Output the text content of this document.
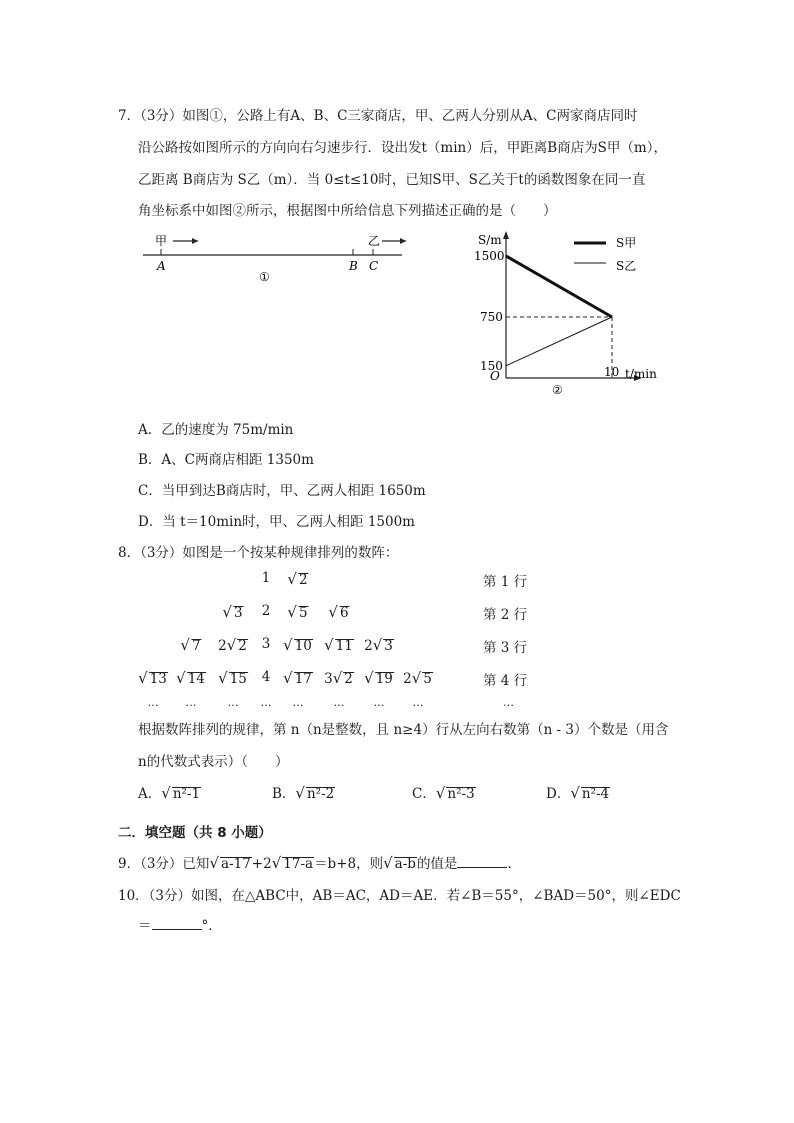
7．（3分）如图①，公路上有A、B、C三家商店，甲、乙两人分别从A、C两家商店同时
沿公路按如图所示的方向向右匀速步行．设出发t（min）后，甲距离B商店为S甲（m），
乙距离 B商店为 S乙（m）．当 0≤t≤10时，已知S甲、S乙关于t的函数图象在同一直
角坐标系中如图②所示，根据图中所给信息下列描述正确的是（　　）
甲	乙
A	B C
①
S/m
t/min
O
1500
750
150	10
S甲
S乙
②
A．乙的速度为 75m/min
B．A、C两商店相距 1350m
C．当甲到达B商店时，甲、乙两人相距 1650m
D．当 t＝10min时，甲、乙两人相距 1500m
8．（3分）如图是一个按某种规律排列的数阵：
1 √ 2	第 1 行
√ 3 2 √ 5 √ 6	第 2 行
√ 7 2√ 2 3 √ 10 √ 11 2√ 3	第 3 行
√ 13 √ 14 √ 15 4 √ 17 3√ 2 √ 19 2√ 5	第 4 行
… …	… … …	…	…	…	…
根据数阵排列的规律，第 n（n是整数，且 n≥4）行从左向右数第（n - 3）个数是（用含
n的代数式表示）（　　）
A．√ n²-1	B．√ n²-2	C．√ n²-3	D．√ n²-4
二．填空题（共 8 小题）
9．（3分）已知√ a-17+2√ 17-a＝b+8，则√ a-b的值是	．
10．（3分）如图，在△ABC中，AB＝AC，AD＝AE．若∠B＝55°，∠BAD＝50°，则∠EDC
＝	°．
